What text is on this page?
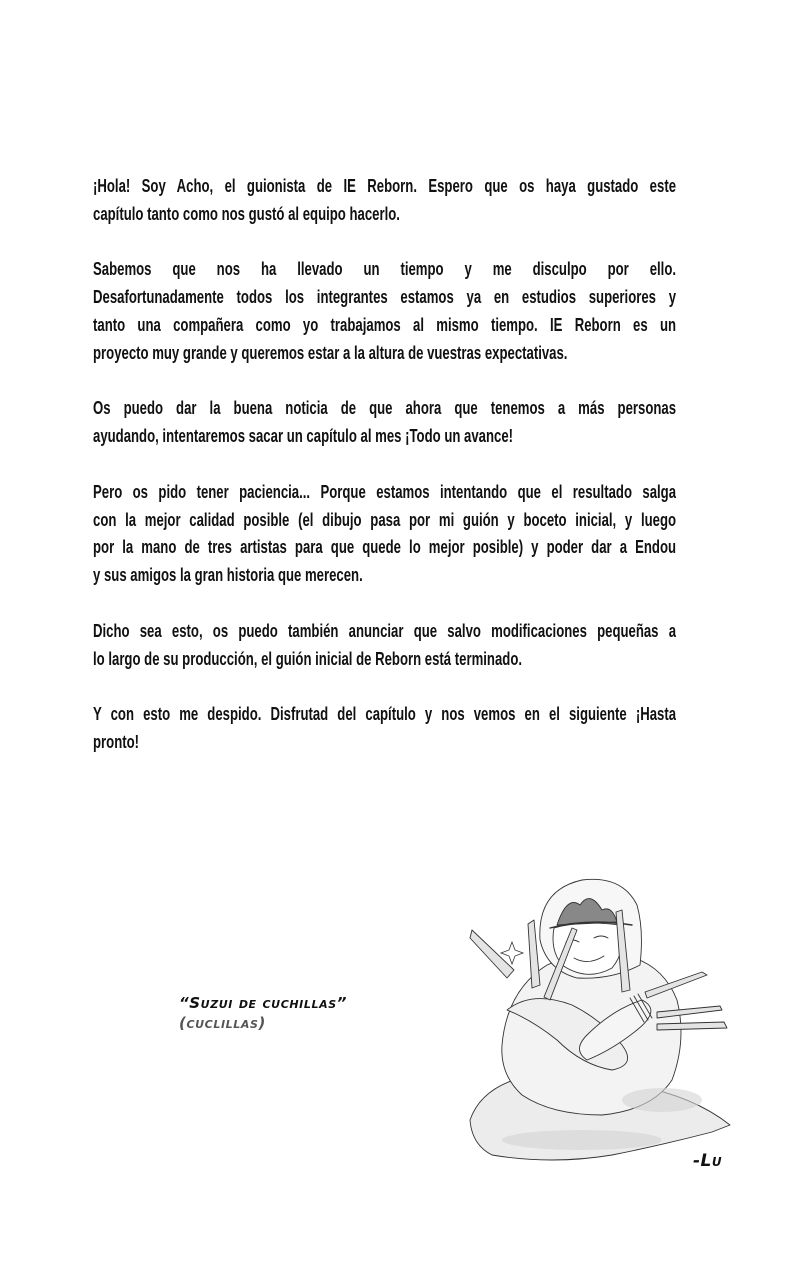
¡Hola! Soy Acho, el guionista de IE Reborn. Espero que os haya gustado este
capítulo tanto como nos gustó al equipo hacerlo.
Sabemos que nos ha llevado un tiempo y me disculpo por ello.
Desafortunadamente todos los integrantes estamos ya en estudios superiores y
tanto una compañera como yo trabajamos al mismo tiempo. IE Reborn es un
proyecto muy grande y queremos estar a la altura de vuestras expectativas.
Os puedo dar la buena noticia de que ahora que tenemos a más personas
ayudando, intentaremos sacar un capítulo al mes ¡Todo un avance!
Pero os pido tener paciencia... Porque estamos intentando que el resultado salga
con la mejor calidad posible (el dibujo pasa por mi guión y boceto inicial, y luego
por la mano de tres artistas para que quede lo mejor posible) y poder dar a Endou
y sus amigos la gran historia que merecen.
Dicho sea esto, os puedo también anunciar que salvo modificaciones pequeñas a
lo largo de su producción, el guión inicial de Reborn está terminado.
Y con esto me despido. Disfrutad del capítulo y nos vemos en el siguiente ¡Hasta
pronto!
“Suzui de cuchillas”
(cuclillas)
-Lu
